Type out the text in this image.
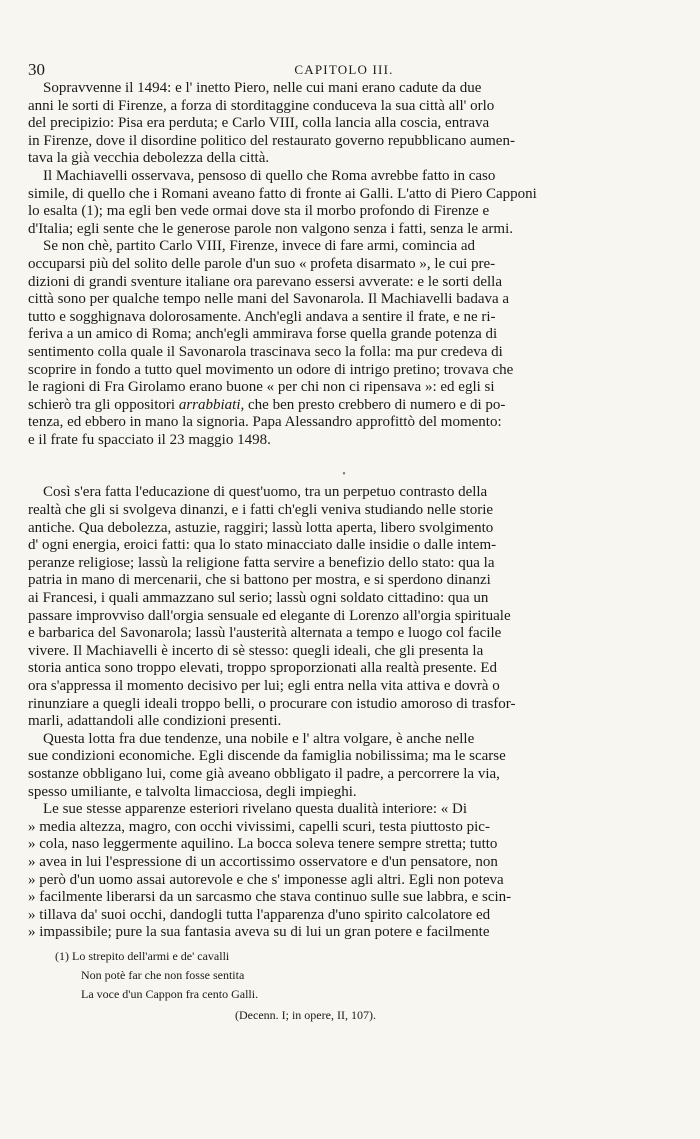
30	CAPITOLO III.
Sopravvenne il 1494: e l' inetto Piero, nelle cui mani erano cadute da due
anni le sorti di Firenze, a forza di storditaggine conduceva la sua città all' orlo
del precipizio: Pisa era perduta; e Carlo VIII, colla lancia alla coscia, entrava
in Firenze, dove il disordine politico del restaurato governo repubblicano aumen-
tava la già vecchia debolezza della città.
Il Machiavelli osservava, pensoso di quello che Roma avrebbe fatto in caso
simile, di quello che i Romani aveano fatto di fronte ai Galli. L'atto di Piero Capponi
lo esalta (1); ma egli ben vede ormai dove sta il morbo profondo di Firenze e
d'Italia; egli sente che le generose parole non valgono senza i fatti, senza le armi.
Se non chè, partito Carlo VIII, Firenze, invece di fare armi, cominciа ad
occuparsi più del solito delle parole d'un suo « profeta disarmato », le cui pre-
dizioni di grandi sventure italiane ora parevano essersi avverate: e le sorti della
città sono per qualche tempo nelle mani del Savonarola. Il Machiavelli badava a
tutto e sogghignava dolorosamente. Anch'egli andava a sentire il frate, e ne ri-
feriva a un amico di Roma; anch'egli ammirava forse quella grande potenza di
sentimento colla quale il Savonarola trascinava seco la folla: ma pur credeva di
scoprire in fondo a tutto quel movimento un odore di intrigo pretino; trovava che
le ragioni di Fra Girolamo erano buone « per chi non ci ripensava »: ed egli si
schierò tra gli oppositori arrabbiati, che ben presto crebbero di numero e di po-
tenza, ed ebbero in mano la signoria. Papa Alessandro approfittò del momento:
e il frate fu spacciato il 23 maggio 1498.
•
Così s'era fatta l'educazione di quest'uomo, tra un perpetuo contrasto della
realtà che gli si svolgeva dinanzi, e i fatti ch'egli veniva studiando nelle storie
antiche. Qua debolezza, astuzie, raggiri; lassù lotta aperta, libero svolgimento
d' ogni energia, eroici fatti: qua lo stato minacciato dalle insidie o dalle intem-
peranze religiose; lassù la religione fatta servire a benefizio dello stato: qua la
patria in mano di mercenarii, che si battono per mostra, e si sperdono dinanzi
ai Francesi, i quali ammazzano sul serio; lassù ogni soldato cittadino: qua un
passare improvviso dall'orgia sensuale ed elegante di Lorenzo all'orgia spirituale
e barbarica del Savonarola; lassù l'austerità alternata a tempo e luogo col facile
vivere. Il Machiavelli è incerto di sè stesso: quegli ideali, che gli presenta la
storia antica sono troppo elevati, troppo sproporzionati alla realtà presente. Ed
ora s'appressa il momento decisivo per lui; egli entra nella vita attiva e dovrà o
rinunziare a quegli ideali troppo belli, o procurare con istudio amoroso di trasfor-
marli, adattandoli alle condizioni presenti.
Questa lotta fra due tendenze, una nobile e l' altra volgare, è anche nelle
sue condizioni economiche. Egli discende da famiglia nobilissima; ma le scarse
sostanze obbligano lui, come già aveano obbligato il padre, a percorrere la via,
spesso umiliante, e talvolta limacciosa, degli impieghi.
Le sue stesse apparenze esteriori rivelano questa dualità interiore: « Di
» media altezza, magro, con occhi vivissimi, capelli scuri, testa piuttosto pic-
» cola, naso leggermente aquilino. La bocca soleva tenere sempre stretta; tutto
» avea in lui l'espressione di un accortissimo osservatore e d'un pensatore, non
» però d'un uomo assai autorevole e che s' imponesse agli altri. Egli non poteva
» facilmente liberarsi da un sarcasmo che stava continuo sulle sue labbra, e scin-
» tillava da' suoi occhi, dandogli tutta l'apparenza d'uno spirito calcolatore ed
» impassibile; pure la sua fantasia aveva su di lui un gran potere e facilmente
(1) Lo strepito dell'armi e de' cavalli
Non potè far che non fosse sentita
La voce d'un Cappon fra cento Galli.
(Decenn. I; in opere, II, 107).
